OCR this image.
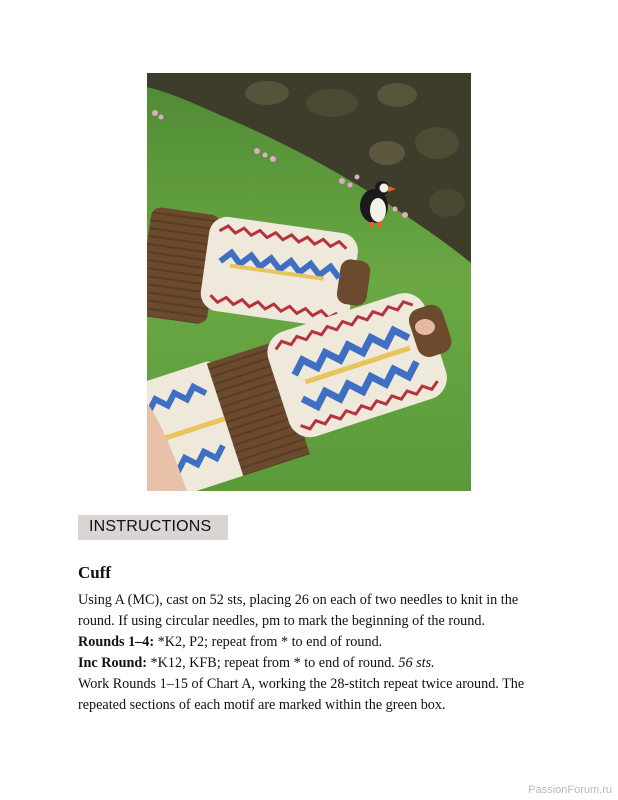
INSTRUCTIONS
Cuff

Using A (MC), cast on 52 sts, placing 26 on each of two needles to knit in the round. If using circular needles, pm to mark the beginning of the round.

Rounds 1–4: *K2, P2; repeat from * to end of round.

Inc Round: *K12, KFB; repeat from * to end of round. 56 sts.

Work Rounds 1–15 of Chart A, working the 28-stitch repeat twice around. The repeated sections of each motif are marked within the green box.

PassionForum.ru
